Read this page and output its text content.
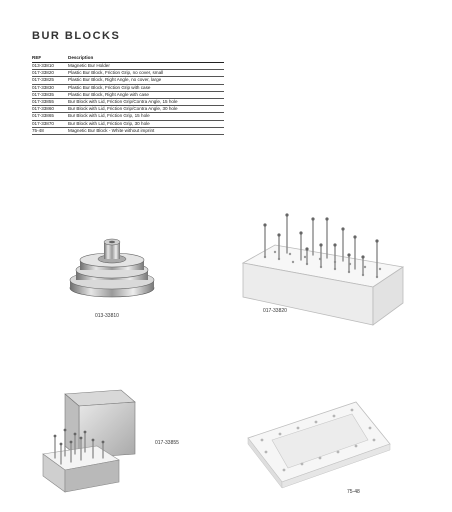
BUR BLOCKS
REF	Description
013-33810	Magnetic Bur Holder
017-33820	Plastic Bur Block, Friction Grip, no cover, small
017-33825	Plastic Bur Block, Right Angle, no cover, large
017-33830	Plastic Bur Block, Friction Grip with case
017-33835	Plastic Bur Block, Right Angle with case
017-33855	Bur Block with Lid, Friction Grip/Contra Angle, 15 hole
017-33860	Bur Block with Lid, Friction Grip/Contra Angle, 30 hole
017-33865	Bur Block with Lid, Friction Grip, 15 hole
017-33870	Bur Block with Lid, Friction Grip, 30 hole
75-48	Magnetic Bur Block - White without imprint
013-33810
017-33820
017-33855
75-48
